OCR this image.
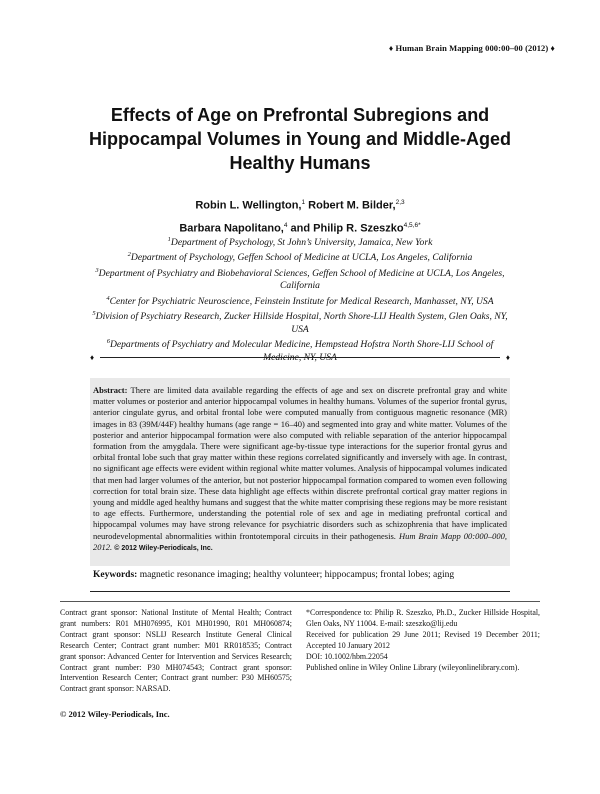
♦ Human Brain Mapping 000:00–00 (2012) ♦
Effects of Age on Prefrontal Subregions and
Hippocampal Volumes in Young and Middle-Aged
Healthy Humans
Robin L. Wellington,$^1$ Robert M. Bilder,$^{2,3}$
Barbara Napolitano,$^4$ and Philip R. Szeszko$^{4,5,6*}$
$^1$Department of Psychology, St John’s University, Jamaica, New York
$^2$Department of Psychology, Geffen School of Medicine at UCLA, Los Angeles, California
$^3$Department of Psychiatry and Biobehavioral Sciences, Geffen School of Medicine at UCLA, Los Angeles, California
$^4$Center for Psychiatric Neuroscience, Feinstein Institute for Medical Research, Manhasset, NY, USA
$^5$Division of Psychiatry Research, Zucker Hillside Hospital, North Shore-LIJ Health System, Glen Oaks, NY, USA
$^6$Departments of Psychiatry and Molecular Medicine, Hempstead Hofstra North Shore-LIJ School of Medicine, NY, USA
♦	♦
Abstract: There are limited data available regarding the effects of age and sex on discrete prefrontal gray and white matter volumes or posterior and anterior hippocampal volumes in healthy humans. Volumes of the superior frontal gyrus, anterior cingulate gyrus, and orbital frontal lobe were computed manually from contiguous magnetic resonance (MR) images in 83 (39M/44F) healthy humans (age range = 16–40) and segmented into gray and white matter. Volumes of the posterior and anterior hippocampal formation were also computed with reliable separation of the anterior hippocampal formation from the amygdala. There were significant age-by-tissue type interactions for the superior frontal gyrus and orbital frontal lobe such that gray matter within these regions correlated significantly and inversely with age. In contrast, no significant age effects were evident within regional white matter volumes. Analysis of hippocampal volumes indicated that men had larger volumes of the anterior, but not posterior hippocampal formation compared to women even following correction for total brain size. These data highlight age effects within discrete prefrontal cortical gray matter regions in young and middle aged healthy humans and suggest that the white matter comprising these regions may be more resistant to age effects. Furthermore, understanding the potential role of sex and age in mediating prefrontal cortical and hippocampal volumes may have strong relevance for psychiatric disorders such as schizophrenia that have implicated neurodevelopmental abnormalities within frontotemporal circuits in their pathogenesis. Hum Brain Mapp 00:000–000, 2012. © 2012 Wiley-Periodicals, Inc.
Keywords: magnetic resonance imaging; healthy volunteer; hippocampus; frontal lobes; aging
Contract grant sponsor: National Institute of Mental Health; Contract grant numbers: R01 MH076995, K01 MH01990, R01 MH060874; Contract grant sponsor: NSLIJ Research Institute General Clinical Research Center; Contract grant number: M01 RR018535; Contract grant sponsor: Advanced Center for Intervention and Services Research; Contract grant number: P30 MH074543; Contract grant sponsor: Intervention Research Center; Contract grant number: P30 MH60575; Contract grant sponsor: NARSAD.
*Correspondence to: Philip R. Szeszko, Ph.D., Zucker Hillside Hospital, Glen Oaks, NY 11004. E-mail: szeszko@lij.edu
Received for publication 29 June 2011; Revised 19 December 2011; Accepted 10 January 2012
DOI: 10.1002/hbm.22054
Published online in Wiley Online Library (wileyonlinelibrary.com).
© 2012 Wiley-Periodicals, Inc.
